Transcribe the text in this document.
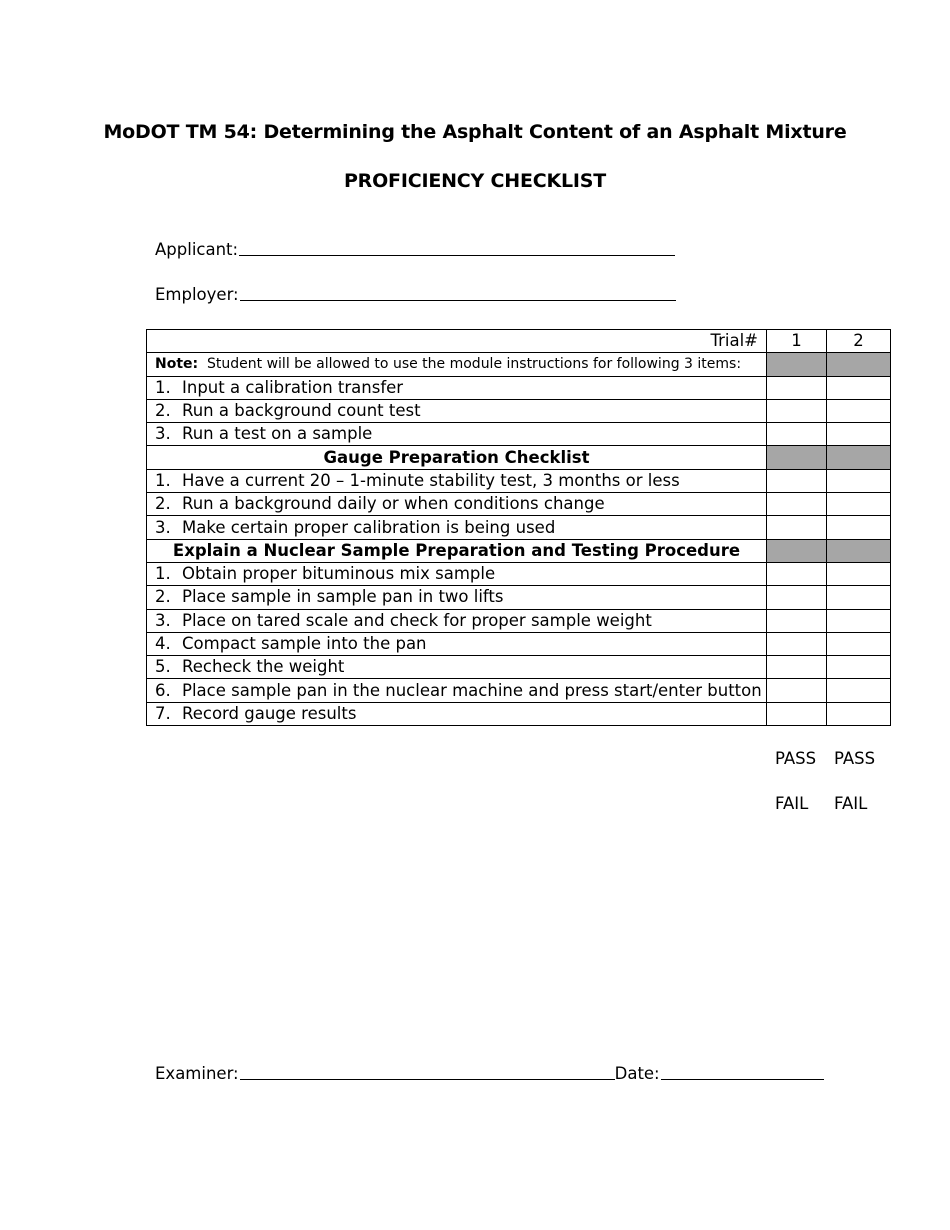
MoDOT TM 54: Determining the Asphalt Content of an Asphalt Mixture
PROFICIENCY CHECKLIST
Applicant:
Employer:
Trial#	1	2
Note: Student will be allowed to use the module instructions for following 3 items:		
1. Input a calibration transfer		
2. Run a background count test		
3. Run a test on a sample		
Gauge Preparation Checklist		
1. Have a current 20 – 1-minute stability test, 3 months or less		
2. Run a background daily or when conditions change		
3. Make certain proper calibration is being used		
Explain a Nuclear Sample Preparation and Testing Procedure		
1. Obtain proper bituminous mix sample		
2. Place sample in sample pan in two lifts		
3. Place on tared scale and check for proper sample weight		
4. Compact sample into the pan		
5. Recheck the weight		
6. Place sample pan in the nuclear machine and press start/enter button		
7. Record gauge results		
PASS PASS
FAIL FAIL
Examiner:	Date:
